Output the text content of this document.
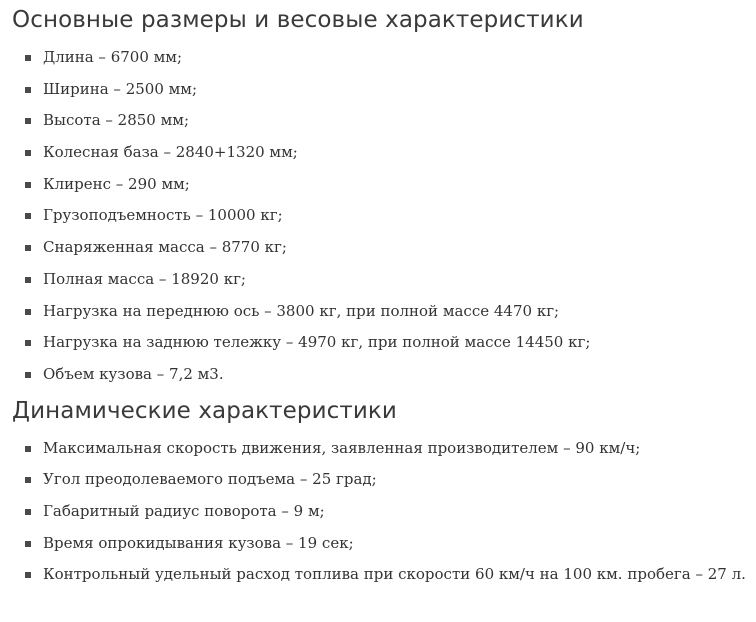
Основные размеры и весовые характеристики
Длина – 6700 мм;
Ширина – 2500 мм;
Высота – 2850 мм;
Колесная база – 2840+1320 мм;
Клиренс – 290 мм;
Грузоподъемность – 10000 кг;
Снаряженная масса – 8770 кг;
Полная масса – 18920 кг;
Нагрузка на переднюю ось – 3800 кг, при полной массе 4470 кг;
Нагрузка на заднюю тележку – 4970 кг, при полной массе 14450 кг;
Объем кузова – 7,2 м3.
Динамические характеристики
Максимальная скорость движения, заявленная производителем – 90 км/ч;
Угол преодолеваемого подъема – 25 град;
Габаритный радиус поворота – 9 м;
Время опрокидывания кузова – 19 сек;
Контрольный удельный расход топлива при скорости 60 км/ч на 100 км. пробега – 27 л.
